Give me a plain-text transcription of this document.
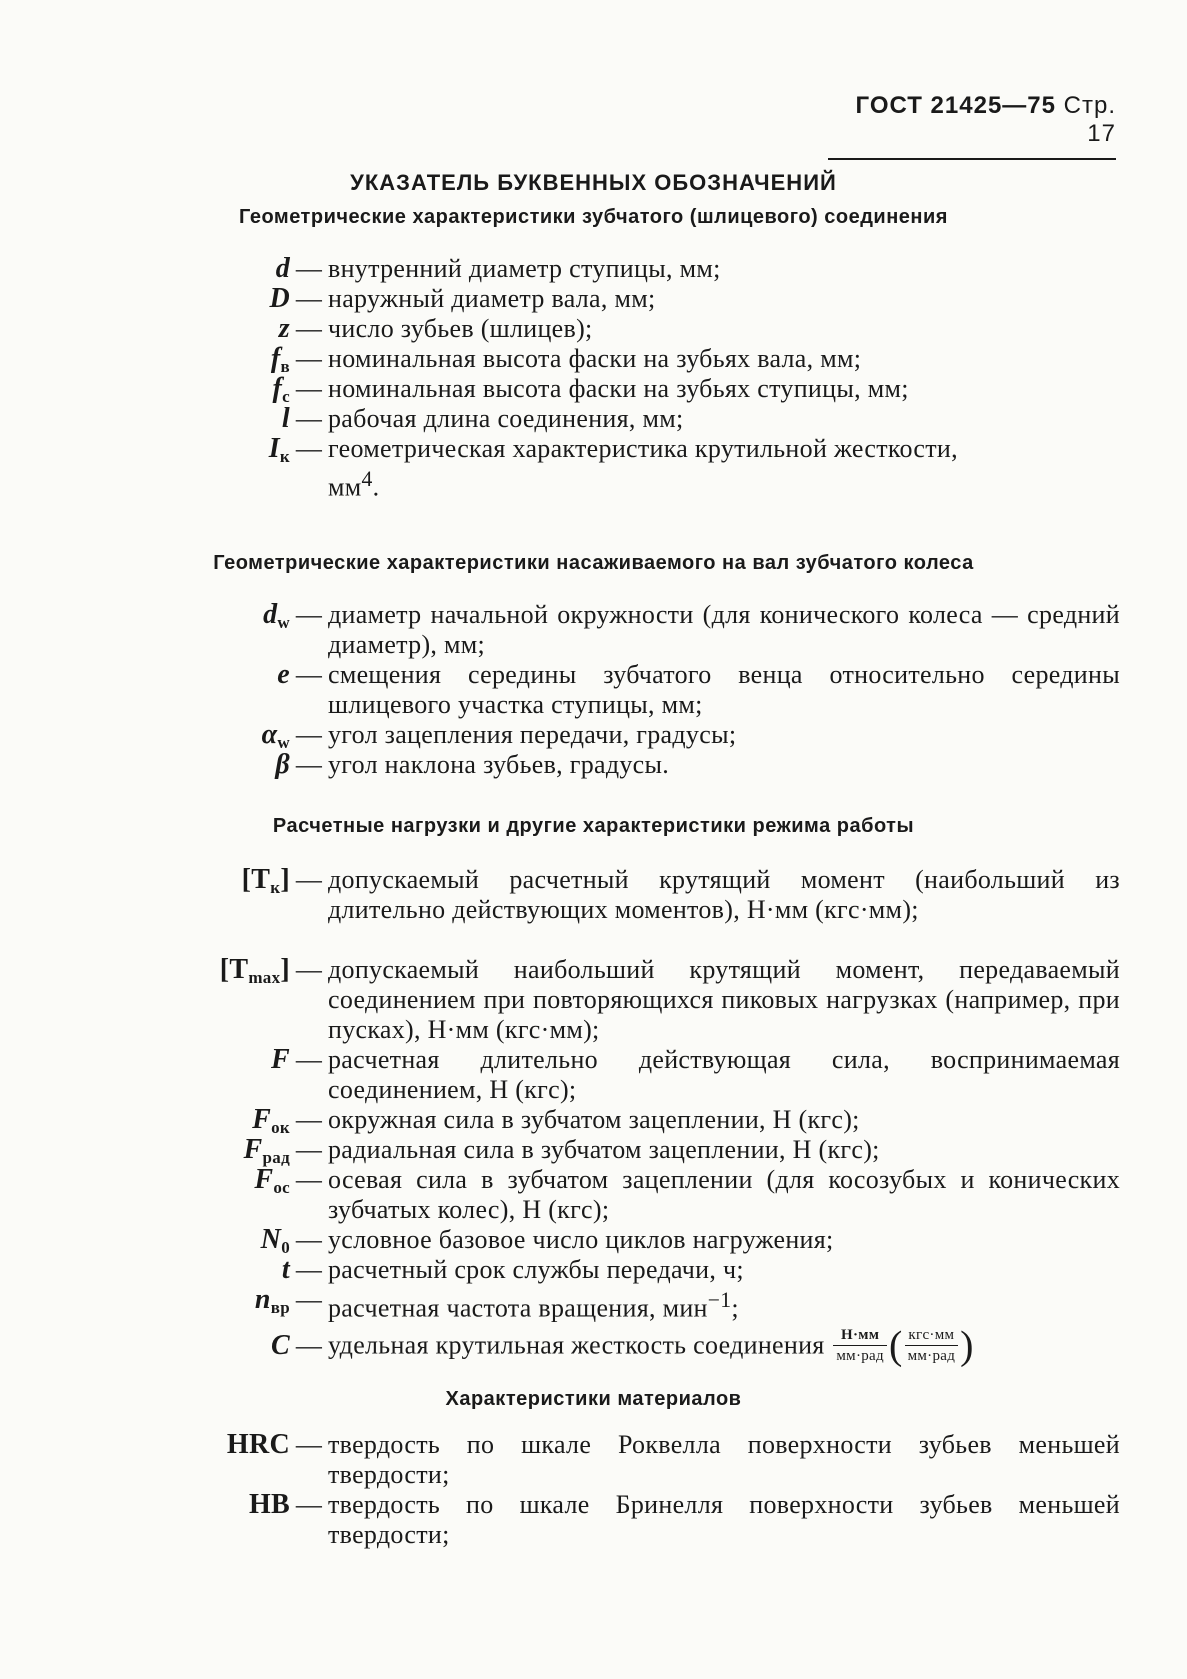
ГОСТ 21425—75 Стр. 17
УКАЗАТЕЛЬ БУКВЕННЫХ ОБОЗНАЧЕНИЙ
Геометрические характеристики зубчатого (шлицевого) соединения
d — внутренний диаметр ступицы, мм;
D — наружный диаметр вала, мм;
z — число зубьев (шлицев);
$f_в$ — номинальная высота фаски на зубьях вала, мм;
$f_с$ — номинальная высота фаски на зубьях ступицы, мм;
l — рабочая длина соединения, мм;
$I_к$ — геометрическая характеристика крутильной жесткости,
$мм^4$.
Геометрические характеристики насаживаемого на вал зубчатого колеса
$d_w$ — диаметр начальной окружности (для конического колеса — средний диаметр), мм;
e — смещения середины зубчатого венца относительно середины шлицевого участка ступицы, мм;
$\alpha_w$ — угол зацепления передачи, градусы;
β — угол наклона зубьев, градусы.
Расчетные нагрузки и другие характеристики режима работы
$[T_к]$ — допускаемый расчетный крутящий момент (наибольший из длительно действующих моментов), Н·мм (кгс·мм);
$[T_{max}]$ — допускаемый наибольший крутящий момент, передаваемый соединением при повторяющихся пиковых нагрузках (например, при пусках), Н·мм (кгс·мм);
F — расчетная длительно действующая сила, воспринимаемая соединением, Н (кгс);
$F_{ок}$ — окружная сила в зубчатом зацеплении, Н (кгс);
$F_{рад}$ — радиальная сила в зубчатом зацеплении, Н (кгс);
$F_{ос}$ — осевая сила в зубчатом зацеплении (для косозубых и конических зубчатых колес), Н (кгс);
$N_0$ — условное базовое число циклов нагружения;
t — расчетный срок службы передачи, ч;
$n_{вр}$ — расчетная частота вращения, мин$^{-1}$;
C — удельная крутильная жесткость соединения $\frac{Н\cdot мм}{\text{мм·рад}}$ ( $\frac{\text{кгс·мм}}{\text{мм·рад}}$ )
Характеристики материалов
HRC — твердость по шкале Роквелла поверхности зубьев меньшей твердости;
HB — твердость по шкале Бринелля поверхности зубьев меньшей твердости;
